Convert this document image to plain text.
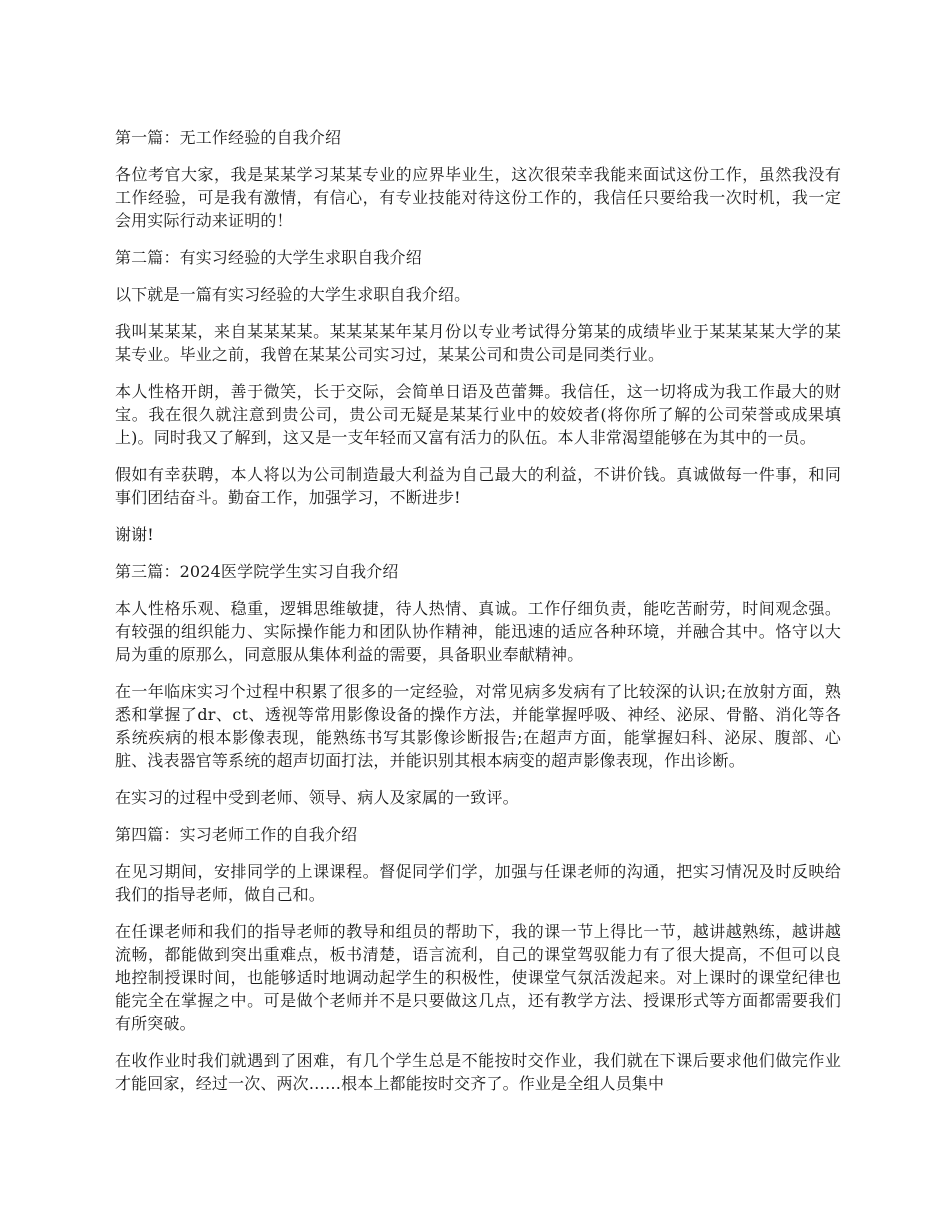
第一篇：无工作经验的自我介绍

各位考官大家，我是某某学习某某专业的应界毕业生，这次很荣幸我能来面试这份工作，虽然我没有工作经验，可是我有激情，有信心，有专业技能对待这份工作的，我信任只要给我一次时机，我一定会用实际行动来证明的！

第二篇：有实习经验的大学生求职自我介绍

以下就是一篇有实习经验的大学生求职自我介绍。

我叫某某某，来自某某某某。某某某某年某月份以专业考试得分第某的成绩毕业于某某某某大学的某某专业。毕业之前，我曾在某某公司实习过，某某公司和贵公司是同类行业。

本人性格开朗，善于微笑，长于交际，会简单日语及芭蕾舞。我信任，这一切将成为我工作最大的财宝。我在很久就注意到贵公司，贵公司无疑是某某行业中的姣姣者(将你所了解的公司荣誉或成果填上)。同时我又了解到，这又是一支年轻而又富有活力的队伍。本人非常渴望能够在为其中的一员。

假如有幸获聘，本人将以为公司制造最大利益为自己最大的利益，不讲价钱。真诚做每一件事，和同事们团结奋斗。勤奋工作，加强学习，不断进步!

谢谢!

第三篇：2024医学院学生实习自我介绍

本人性格乐观、稳重，逻辑思维敏捷，待人热情、真诚。工作仔细负责，能吃苦耐劳，时间观念强。有较强的组织能力、实际操作能力和团队协作精神，能迅速的适应各种环境，并融合其中。恪守以大局为重的原那么，同意服从集体利益的需要，具备职业奉献精神。

在一年临床实习个过程中积累了很多的一定经验，对常见病多发病有了比较深的认识;在放射方面，熟悉和掌握了dr、ct、透视等常用影像设备的操作方法，并能掌握呼吸、神经、泌尿、骨骼、消化等各系统疾病的根本影像表现，能熟练书写其影像诊断报告;在超声方面，能掌握妇科、泌尿、腹部、心脏、浅表器官等系统的超声切面打法，并能识别其根本病变的超声影像表现，作出诊断。

在实习的过程中受到老师、领导、病人及家属的一致评。

第四篇：实习老师工作的自我介绍

在见习期间，安排同学的上课课程。督促同学们学，加强与任课老师的沟通，把实习情况及时反映给我们的指导老师，做自己和。

在任课老师和我们的指导老师的教导和组员的帮助下，我的课一节上得比一节，越讲越熟练，越讲越流畅，都能做到突出重难点，板书清楚，语言流利，自己的课堂驾驭能力有了很大提高，不但可以良地控制授课时间，也能够适时地调动起学生的积极性，使课堂气氛活泼起来。对上课时的课堂纪律也能完全在掌握之中。可是做个老师并不是只要做这几点，还有教学方法、授课形式等方面都需要我们有所突破。

在收作业时我们就遇到了困难，有几个学生总是不能按时交作业，我们就在下课后要求他们做完作业才能回家，经过一次、两次……根本上都能按时交齐了。作业是全组人员集中
